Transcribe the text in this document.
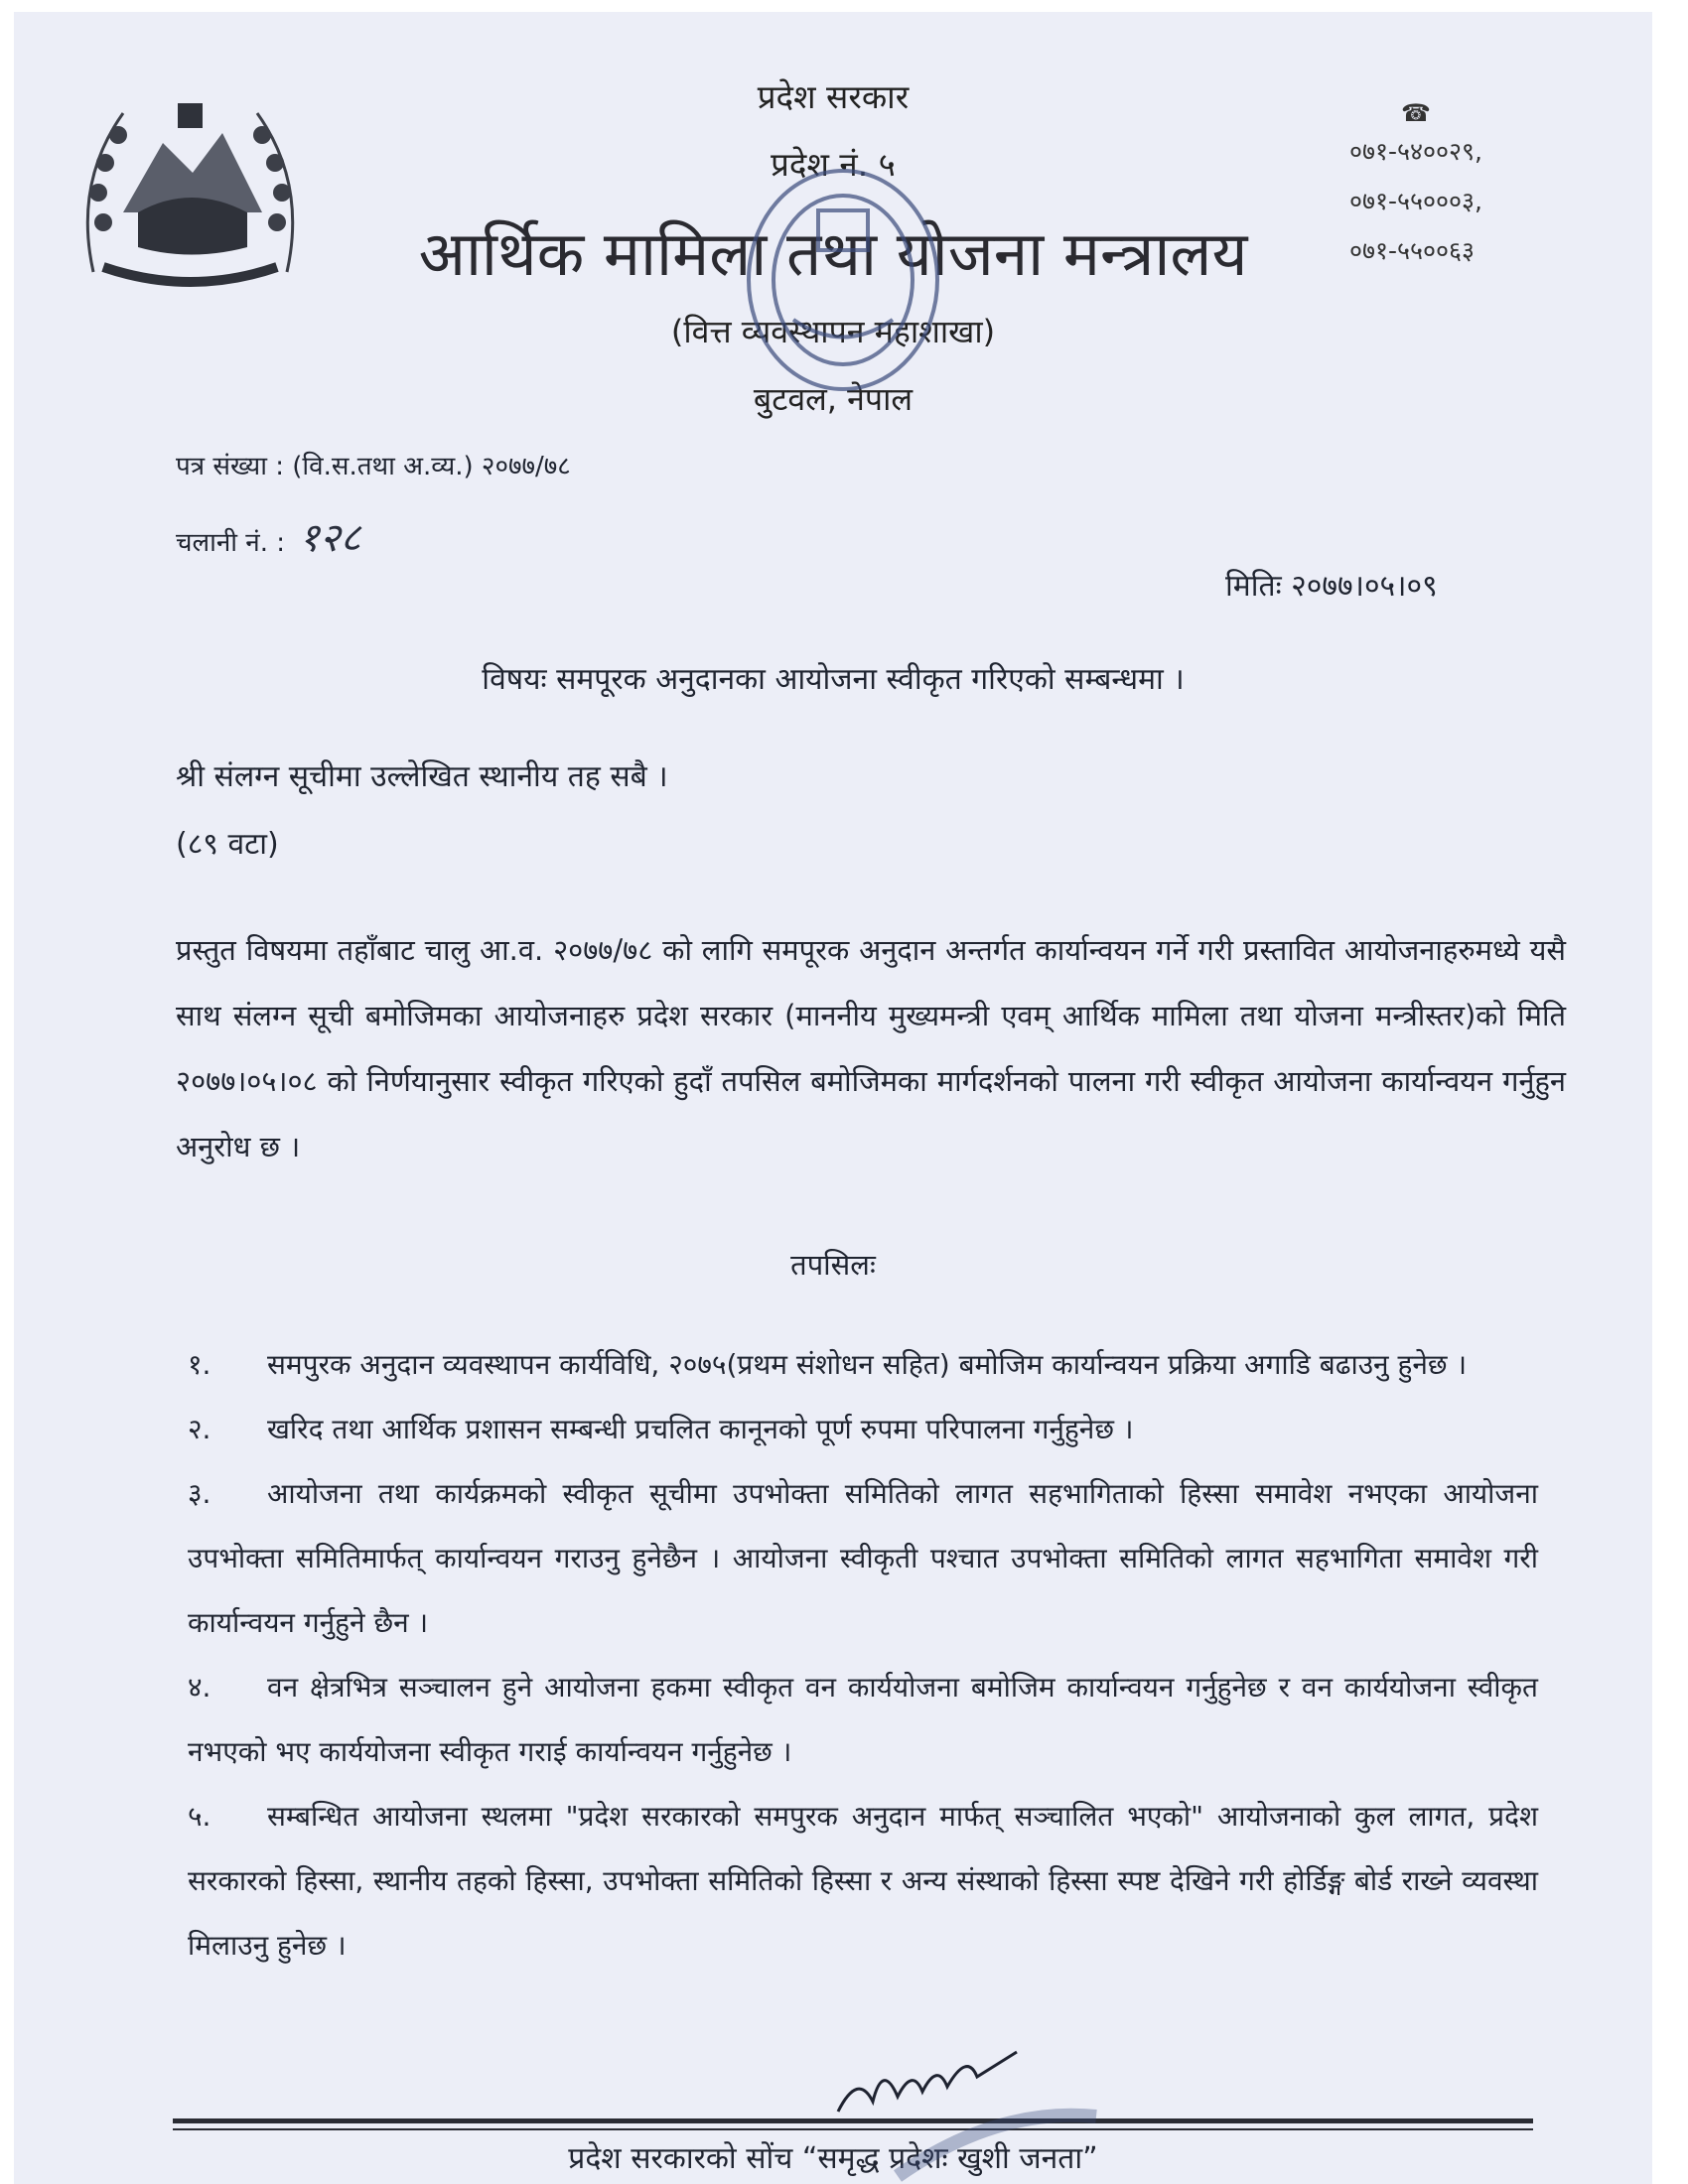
प्रदेश सरकार
प्रदेश नं. ५
आर्थिक मामिला तथा योजना मन्त्रालय
(वित्त व्यवस्थापन महाशाखा)
बुटवल, नेपाल
☎
०७१-५४००२९,
०७१-५५०००३,
०७१-५५००६३
पत्र संख्या : (वि.स.तथा अ.व्य.) २०७७/७८
चलानी नं. : १२८
मितिः २०७७।०५।०९
विषयः समपूरक अनुदानका आयोजना स्वीकृत गरिएको सम्बन्धमा ।
श्री संलग्न सूचीमा उल्लेखित स्थानीय तह सबै ।
(८९ वटा)
प्रस्तुत विषयमा तहाँबाट चालु आ.व. २०७७/७८ को लागि समपूरक अनुदान अन्तर्गत कार्यान्वयन गर्ने गरी प्रस्तावित आयोजनाहरुमध्ये यसै साथ संलग्न सूची बमोजिमका आयोजनाहरु प्रदेश सरकार (माननीय मुख्यमन्त्री एवम् आर्थिक मामिला तथा योजना मन्त्रीस्तर)को मिति २०७७।०५।०८ को निर्णयानुसार स्वीकृत गरिएको हुदाँ तपसिल बमोजिमका मार्गदर्शनको पालना गरी स्वीकृत आयोजना कार्यान्वयन गर्नुहुन अनुरोध छ ।
तपसिलः

१. समपुरक अनुदान व्यवस्थापन कार्यविधि, २०७५(प्रथम संशोधन सहित) बमोजिम कार्यान्वयन प्रक्रिया अगाडि बढाउनु हुनेछ ।

२. खरिद तथा आर्थिक प्रशासन सम्बन्धी प्रचलित कानूनको पूर्ण रुपमा परिपालना गर्नुहुनेछ ।

३. आयोजना तथा कार्यक्रमको स्वीकृत सूचीमा उपभोक्ता समितिको लागत सहभागिताको हिस्सा समावेश नभएका आयोजना उपभोक्ता समितिमार्फत् कार्यान्वयन गराउनु हुनेछैन । आयोजना स्वीकृती पश्चात उपभोक्ता समितिको लागत सहभागिता समावेश गरी कार्यान्वयन गर्नुहुने छैन ।

४. वन क्षेत्रभित्र सञ्चालन हुने आयोजना हकमा स्वीकृत वन कार्ययोजना बमोजिम कार्यान्वयन गर्नुहुनेछ र वन कार्ययोजना स्वीकृत नभएको भए कार्ययोजना स्वीकृत गराई कार्यान्वयन गर्नुहुनेछ ।

५. सम्बन्धित आयोजना स्थलमा "प्रदेश सरकारको समपुरक अनुदान मार्फत् सञ्चालित भएको" आयोजनाको कुल लागत, प्रदेश सरकारको हिस्सा, स्थानीय तहको हिस्सा, उपभोक्ता समितिको हिस्सा र अन्य संस्थाको हिस्सा स्पष्ट देखिने गरी होर्डिङ्ग बोर्ड राख्ने व्यवस्था मिलाउनु हुनेछ ।

प्रदेश सरकारको सोंच “समृद्ध प्रदेशः खुशी जनता”
